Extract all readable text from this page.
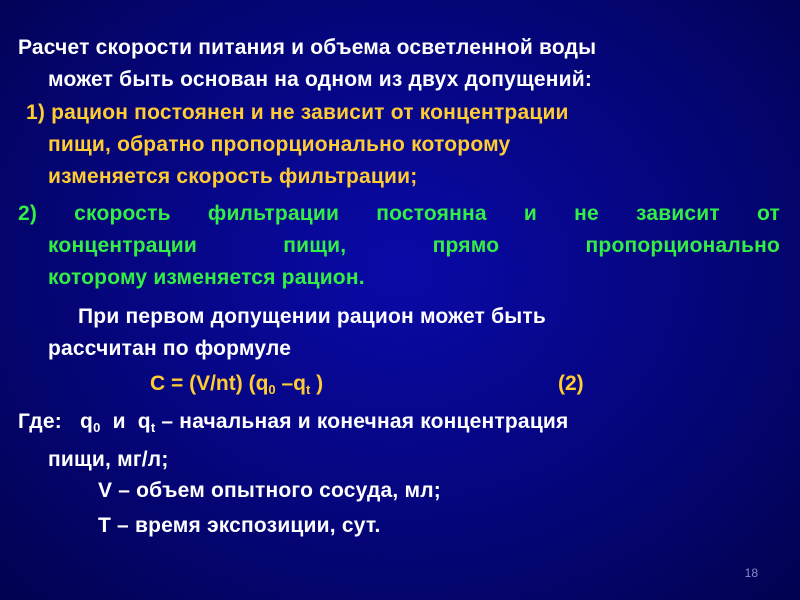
Расчет скорости питания и объема осветленной воды
может быть основан на одном из двух допущений:
1) рацион постоянен и не зависит от концентрации
пищи, обратно пропорционально которому
изменяется скорость фильтрации;
2) скорость фильтрации постоянна и не зависит от
концентрации пищи, прямо пропорционально
которому изменяется рацион.
При первом допущении рацион может быть
рассчитан по формуле
C = (V/nt) ($q_0$ $-q_t$ )	(2)
Где: $q_0$ и $q_t$ – начальная и конечная концентрация
пищи, мг/л;
V – объем опытного сосуда, мл;
T – время экспозиции, сут.
18
